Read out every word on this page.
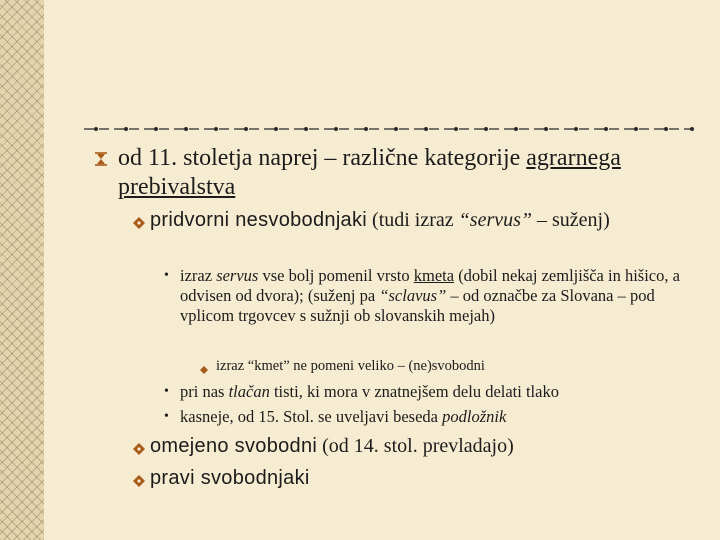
od 11. stoletja naprej – različne kategorije agrarnega prebivalstva
pridvorni nesvobodnjaki (tudi izraz “servus” – suženj)
• izraz servus vse bolj pomenil vrsto kmeta (dobil nekaj zemljišča in hišico, a odvisen od dvora); (suženj pa “sclavus” – od označbe za Slovana – pod vplicom trgovcev s sužnji ob slovanskih mejah)
izraz “kmet” ne pomeni veliko – (ne)svobodni
• pri nas tlačan tisti, ki mora v znatnejšem delu delati tlako
• kasneje, od 15. Stol. se uveljavi beseda podložnik
omejeno svobodni (od 14. stol. prevladajo)
pravi svobodnjaki
